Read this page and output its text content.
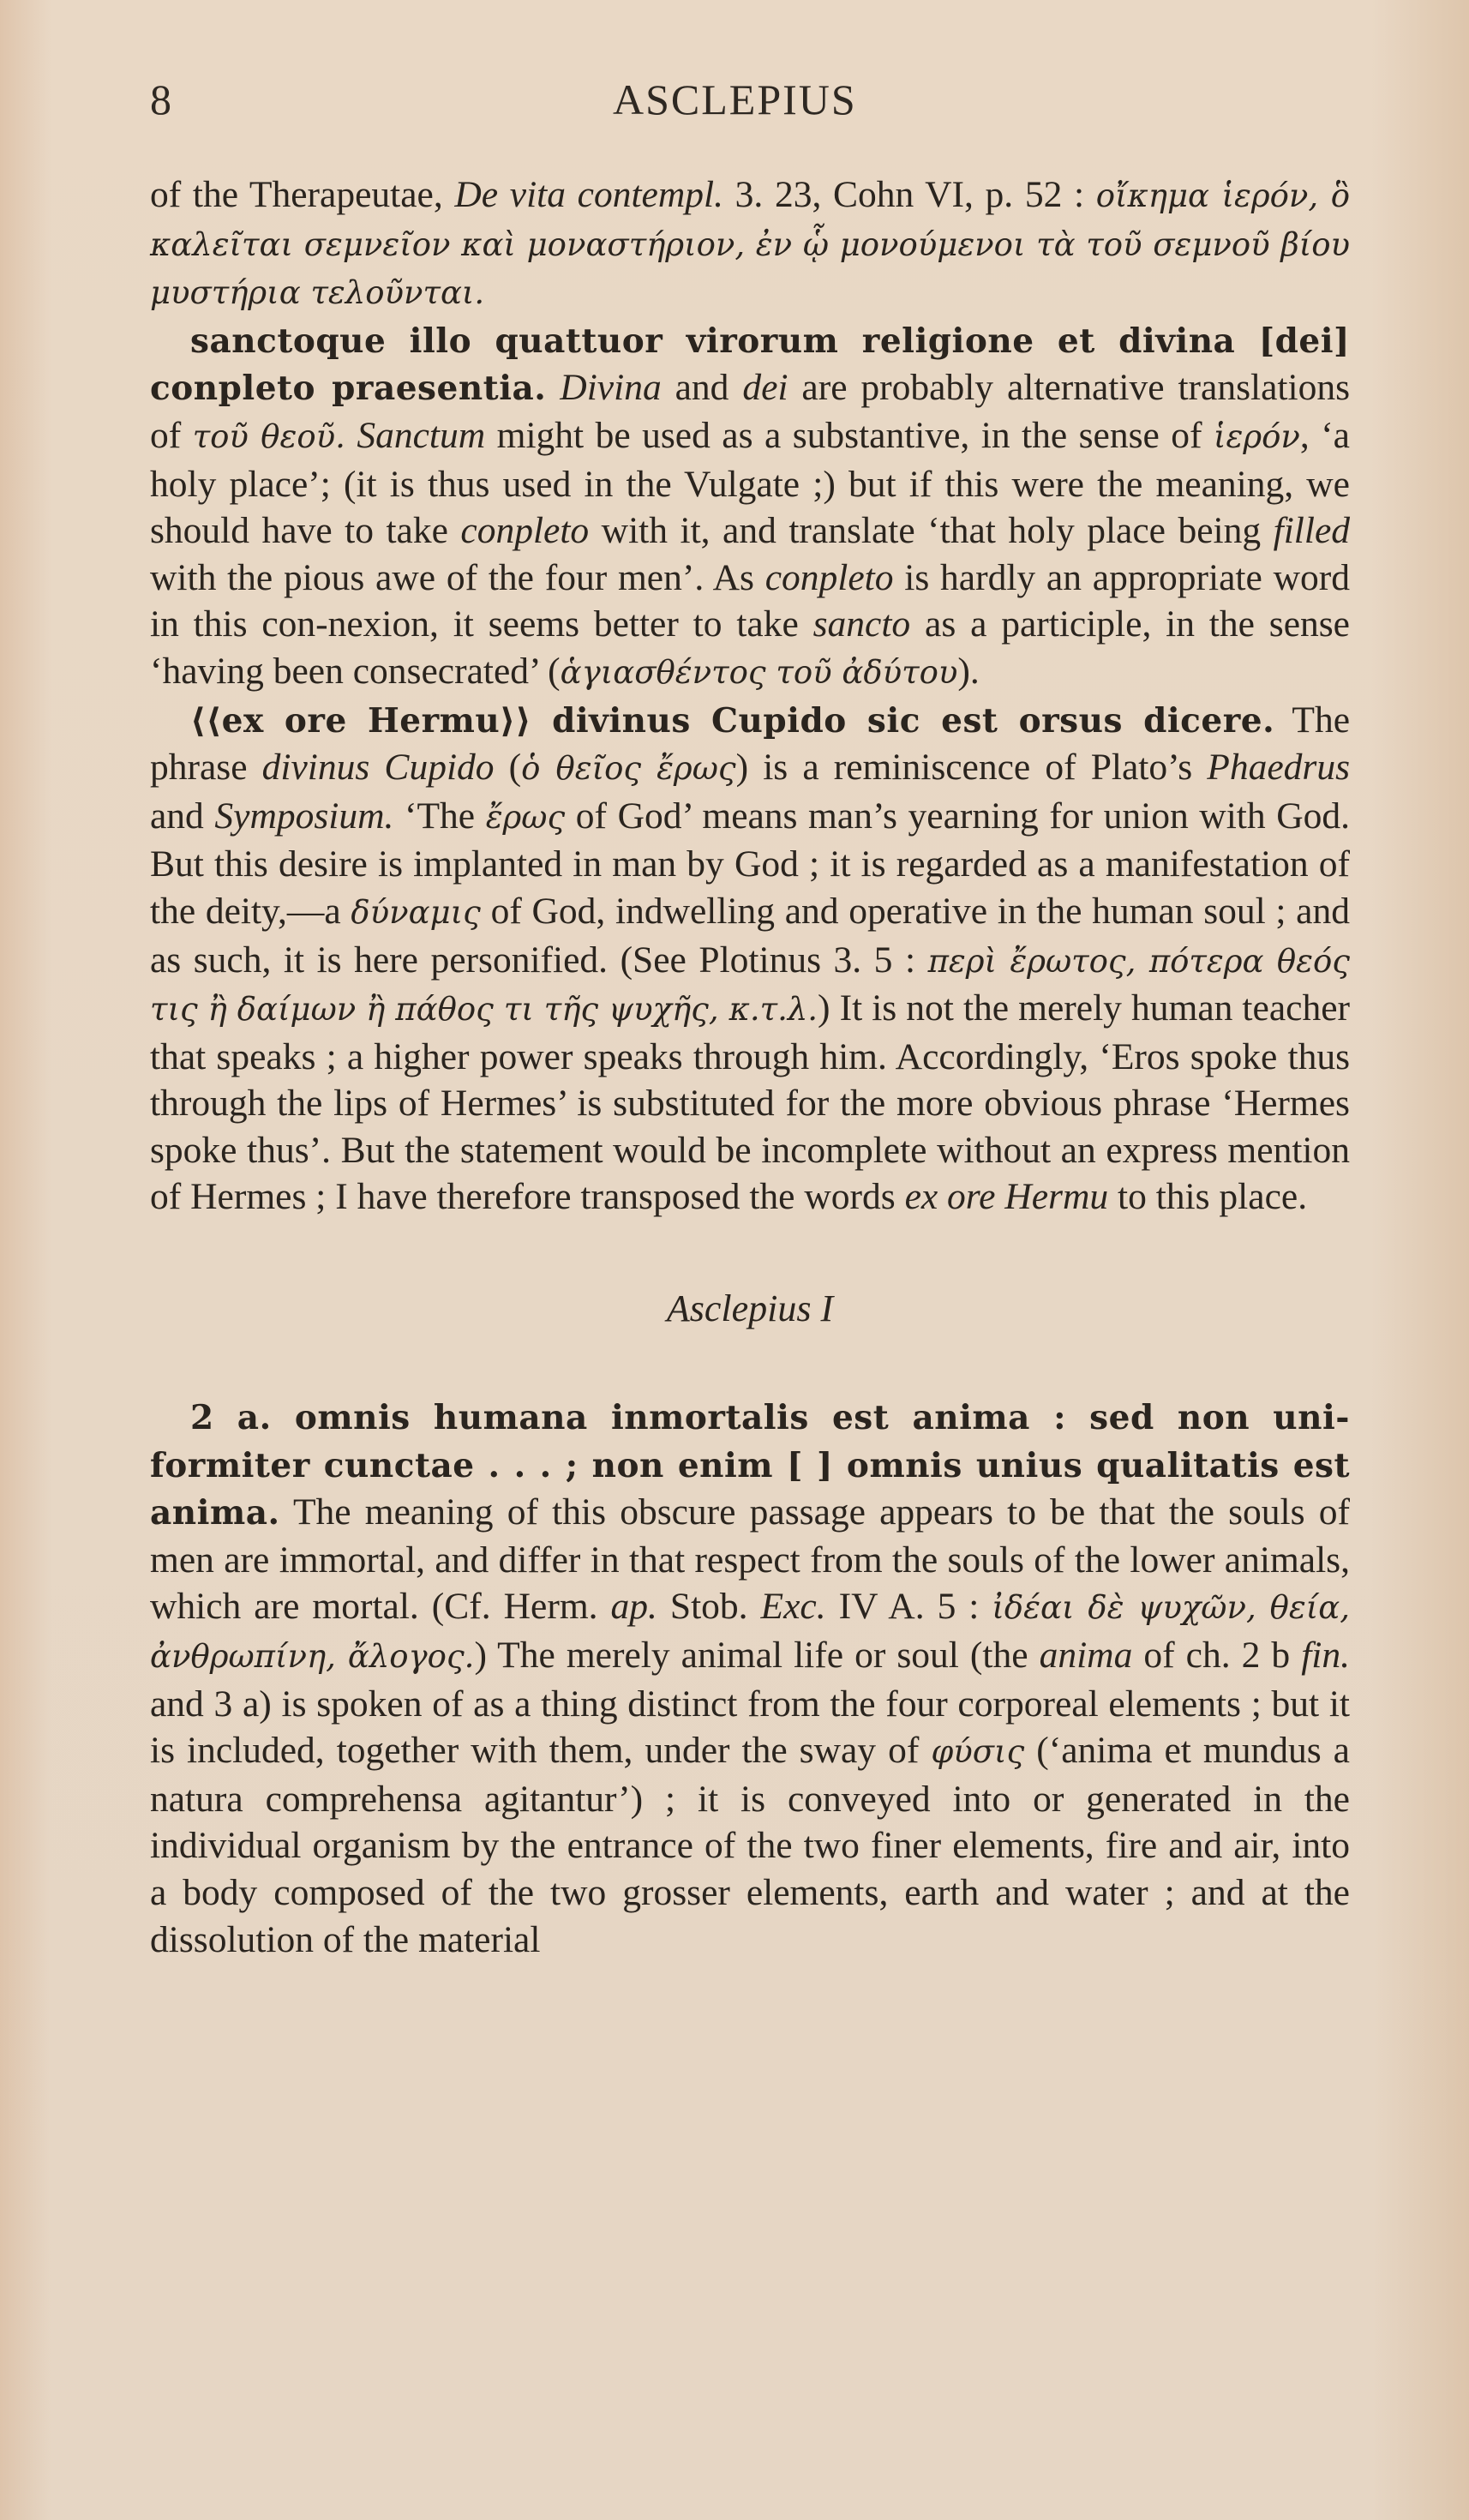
8	ASCLEPIUS

of the Therapeutae, De vita contempl. 3. 23, Cohn VI, p. 52 : οἴκημα ἱερόν, ὃ καλεῖται σεμνεῖον καὶ μοναστήριον, ἐν ᾧ μονούμενοι τὰ τοῦ σεμνοῦ βίου μυστήρια τελοῦνται.

sanctoque illo quattuor virorum religione et divina [dei] conpleto praesentia. Divina and dei are probably alternative translations of τοῦ θεοῦ. Sanctum might be used as a substantive, in the sense of ἱερόν, ‘a holy place’; (it is thus used in the Vulgate ;) but if this were the meaning, we should have to take conpleto with it, and translate ‘that holy place being filled with the pious awe of the four men’. As conpleto is hardly an appropriate word in this con-nexion, it seems better to take sancto as a participle, in the sense ‘having been consecrated’ (ἁγιασθέντος τοῦ ἀδύτου).

⟨⟨ex ore Hermu⟩⟩ divinus Cupido sic est orsus dicere. The phrase divinus Cupido (ὁ θεῖος ἔρως) is a reminiscence of Plato’s Phaedrus and Symposium. ‘The ἔρως of God’ means man’s yearning for union with God. But this desire is implanted in man by God ; it is regarded as a manifestation of the deity,—a δύναμις of God, indwelling and operative in the human soul ; and as such, it is here personified. (See Plotinus 3. 5 : περὶ ἔρωτος, πότερα θεός τις ἢ δαίμων ἢ πάθος τι τῆς ψυχῆς, κ.τ.λ.) It is not the merely human teacher that speaks ; a higher power speaks through him. Accordingly, ‘Eros spoke thus through the lips of Hermes’ is substituted for the more obvious phrase ‘Hermes spoke thus’. But the statement would be incomplete without an express mention of Hermes ; I have therefore transposed the words ex ore Hermu to this place.

Asclepius I

2 a. omnis humana inmortalis est anima : sed non uni-formiter cunctae . . . ; non enim [ ] omnis unius qualitatis est anima. The meaning of this obscure passage appears to be that the souls of men are immortal, and differ in that respect from the souls of the lower animals, which are mortal. (Cf. Herm. ap. Stob. Exc. IV A. 5 : ἰδέαι δὲ ψυχῶν, θεία, ἀνθρωπίνη, ἄλογος.) The merely animal life or soul (the anima of ch. 2 b fin. and 3 a) is spoken of as a thing distinct from the four corporeal elements ; but it is included, together with them, under the sway of φύσις (‘anima et mundus a natura comprehensa agitantur’) ; it is conveyed into or generated in the individual organism by the entrance of the two finer elements, fire and air, into a body composed of the two grosser elements, earth and water ; and at the dissolution of the material
